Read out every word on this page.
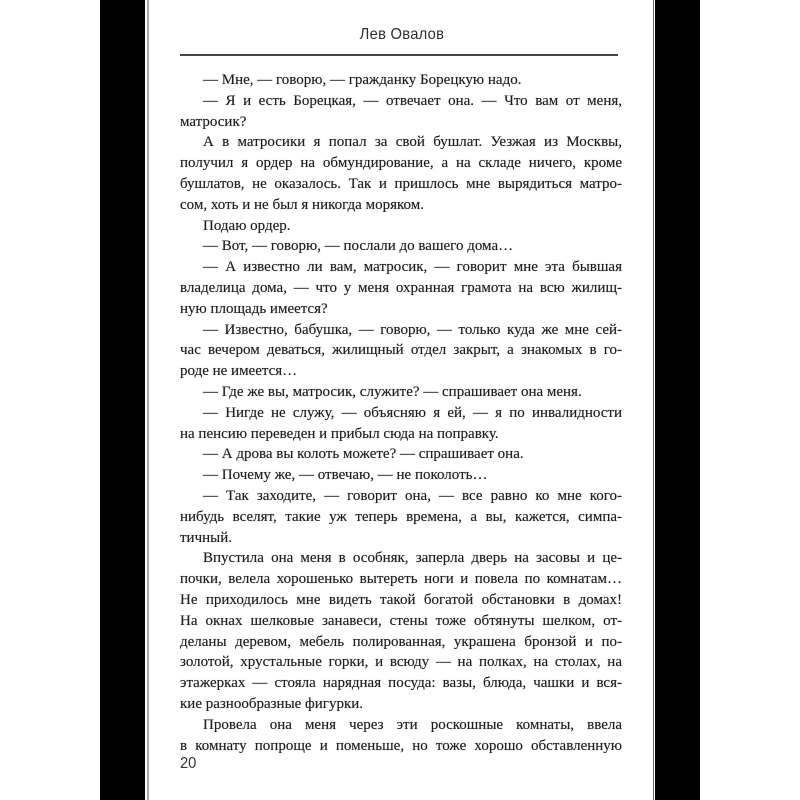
Лев Овалов
— Мне, — говорю, — гражданку Борецкую надо.
— Я и есть Борецкая, — отвечает она. — Что вам от меня,
матросик?
А в матросики я попал за свой бушлат. Уезжая из Москвы,
получил я ордер на обмундирование, а на складе ничего, кроме
бушлатов, не оказалось. Так и пришлось мне вырядиться матро-
сом, хоть и не был я никогда моряком.
Подаю ордер.
— Вот, — говорю, — послали до вашего дома…
— А известно ли вам, матросик, — говорит мне эта бывшая
владелица дома, — что у меня охранная грамота на всю жилищ-
ную площадь имеется?
— Известно, бабушка, — говорю, — только куда же мне сей-
час вечером деваться, жилищный отдел закрыт, а знакомых в го-
роде не имеется…
— Где же вы, матросик, служите? — спрашивает она меня.
— Нигде не служу, — объясняю я ей, — я по инвалидности
на пенсию переведен и прибыл сюда на поправку.
— А дрова вы колоть можете? — спрашивает она.
— Почему же, — отвечаю, — не поколоть…
— Так заходите, — говорит она, — все равно ко мне кого-
нибудь вселят, такие уж теперь времена, а вы, кажется, симпа-
тичный.
Впустила она меня в особняк, заперла дверь на засовы и це-
почки, велела хорошенько вытереть ноги и повела по комнатам…
Не приходилось мне видеть такой богатой обстановки в домах!
На окнах шелковые занавеси, стены тоже обтянуты шелком, от-
деланы деревом, мебель полированная, украшена бронзой и по-
золотой, хрустальные горки, и всюду — на полках, на столах, на
этажерках — стояла нарядная посуда: вазы, блюда, чашки и вся-
кие разнообразные фигурки.
Провела она меня через эти роскошные комнаты, ввела
в комнату попроще и поменьше, но тоже хорошо обставленную
20
